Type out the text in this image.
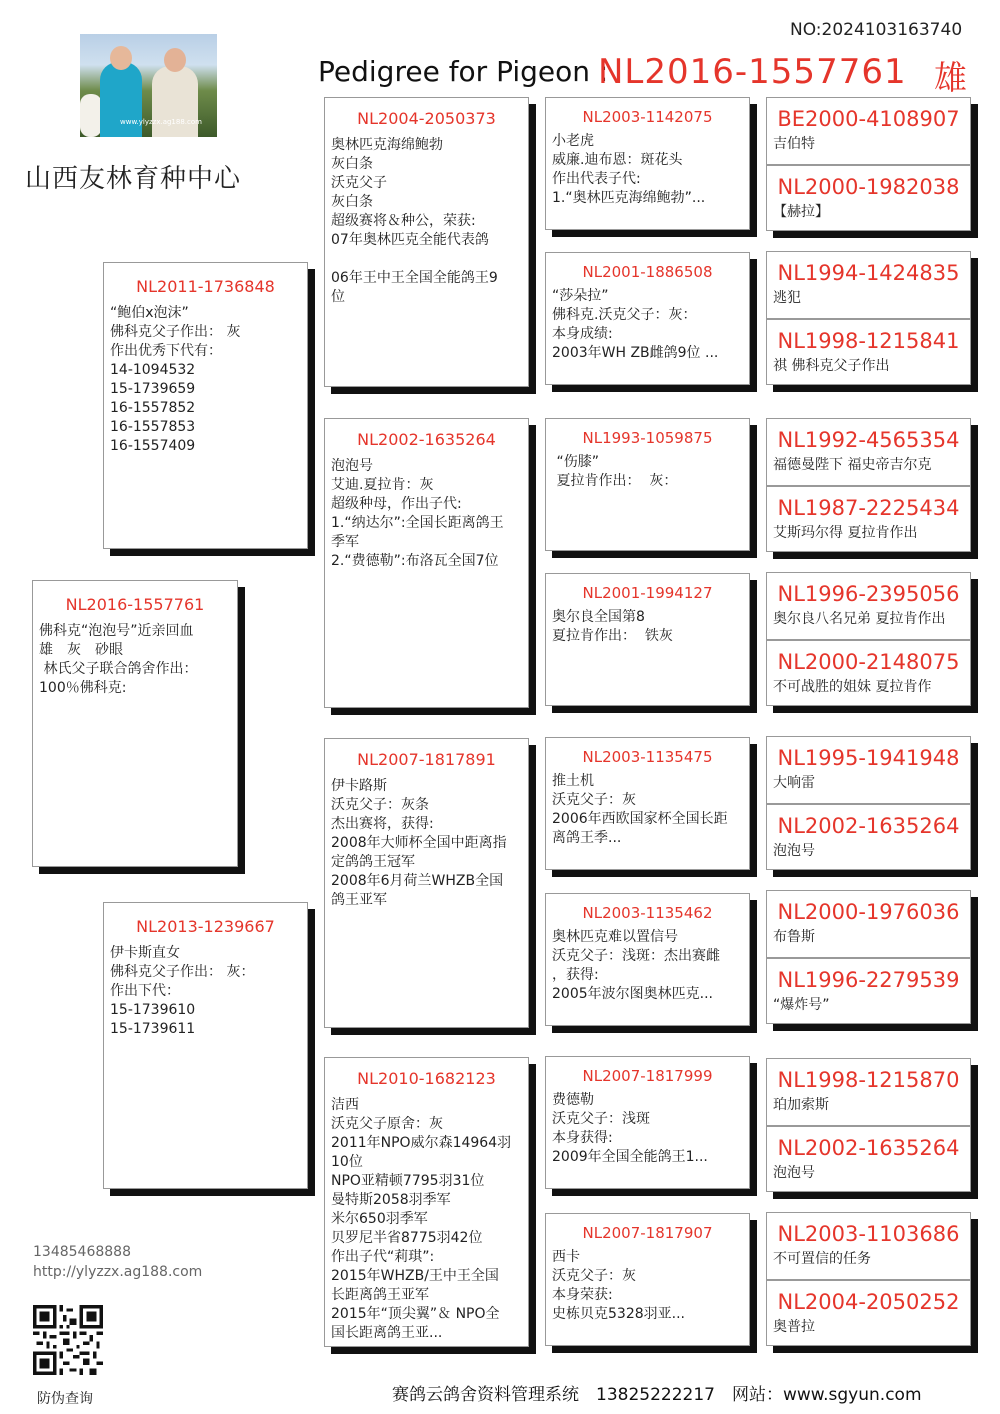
NO:2024103163740
www.ylyzzx.ag188.com
山西友林育种中心
Pedigree for Pigeon :
NL2016-1557761 雄
NL2016-1557761
佛科克“泡泡号”近亲回血
雄　灰　砂眼
林氏父子联合鸽舍作出：
100％佛科克:
NL2011-1736848
“鲍伯x泡沫”
佛科克父子作出： 灰
作出优秀下代有：
14-1094532
15-1739659
16-1557852
16-1557853
16-1557409
NL2013-1239667
伊卡斯直女
佛科克父子作出： 灰：
作出下代：
15-1739610
15-1739611
NL2004-2050373
奥林匹克海绵鲍勃
灰白条
沃克父子
灰白条
超级赛将＆种公，荣获:
07年奥林匹克全能代表鸽

06年王中王全国全能鸽王9
位
NL2002-1635264
泡泡号
艾迪.夏拉肯：灰
超级种母，作出子代:
1.“纳达尔”:全国长距离鸽王
季军
2.“费德勒”:布洛瓦全国7位
NL2007-1817891
伊卡路斯
沃克父子：灰条
杰出赛将，获得:
2008年大师杯全国中距离指
定鸽鸽王冠军
2008年6月荷兰WHZB全国
鸽王亚军
NL2010-1682123
洁西
沃克父子原舍：灰
2011年NPO威尔森14964羽
10位
NPO亚精顿7795羽31位
曼特斯2058羽季军
米尔650羽季军
贝罗尼半省8775羽42位
作出子代“莉琪”:
2015年WHZB/王中王全国
长距离鸽王亚军
2015年“顶尖翼”＆ NPO全
国长距离鸽王亚...
NL2003-1142075
小老虎
威廉.迪布恩：斑花头
作出代表子代:
1.“奥林匹克海绵鲍勃”...
NL2001-1886508
“莎朵拉”
佛科克.沃克父子：灰：
本身成绩:
2003年WH ZB雌鸽9位 ...
NL1993-1059875
“伤膝”
夏拉肯作出：  灰：
NL2001-1994127
奥尔良全国第8
夏拉肯作出：  铁灰
NL2003-1135475
推土机
沃克父子：灰
2006年西欧国家杯全国长距
离鸽王季...
NL2003-1135462
奥林匹克难以置信号
沃克父子：浅斑：杰出赛雌
，获得:
2005年波尔图奥林匹克...
NL2007-1817999
费德勒
沃克父子：浅斑
本身获得:
2009年全国全能鸽王1...
NL2007-1817907
西卡
沃克父子：灰
本身荣获:
史栋贝克5328羽亚...
BE2000-4108907
吉伯特
NL2000-1982038
【赫拉】
NL1994-1424835
逃犯
NL1998-1215841
祺 佛科克父子作出
NL1992-4565354
福德曼陛下 福史帝吉尔克
NL1987-2225434
艾斯玛尔得 夏拉肯作出
NL1996-2395056
奥尔良八名兄弟 夏拉肯作出
NL2000-2148075
不可战胜的姐妹 夏拉肯作
NL1995-1941948
大响雷
NL2002-1635264
泡泡号
NL2000-1976036
布鲁斯
NL1996-2279539
“爆炸号”
NL1998-1215870
珀加索斯
NL2002-1635264
泡泡号
NL2003-1103686
不可置信的任务
NL2004-2050252
奥普拉
13485468888
http://ylyzzx.ag188.com
防伪查询	赛鸽云鸽舍资料管理系统　13825222217　网站：www.sgyun.com
